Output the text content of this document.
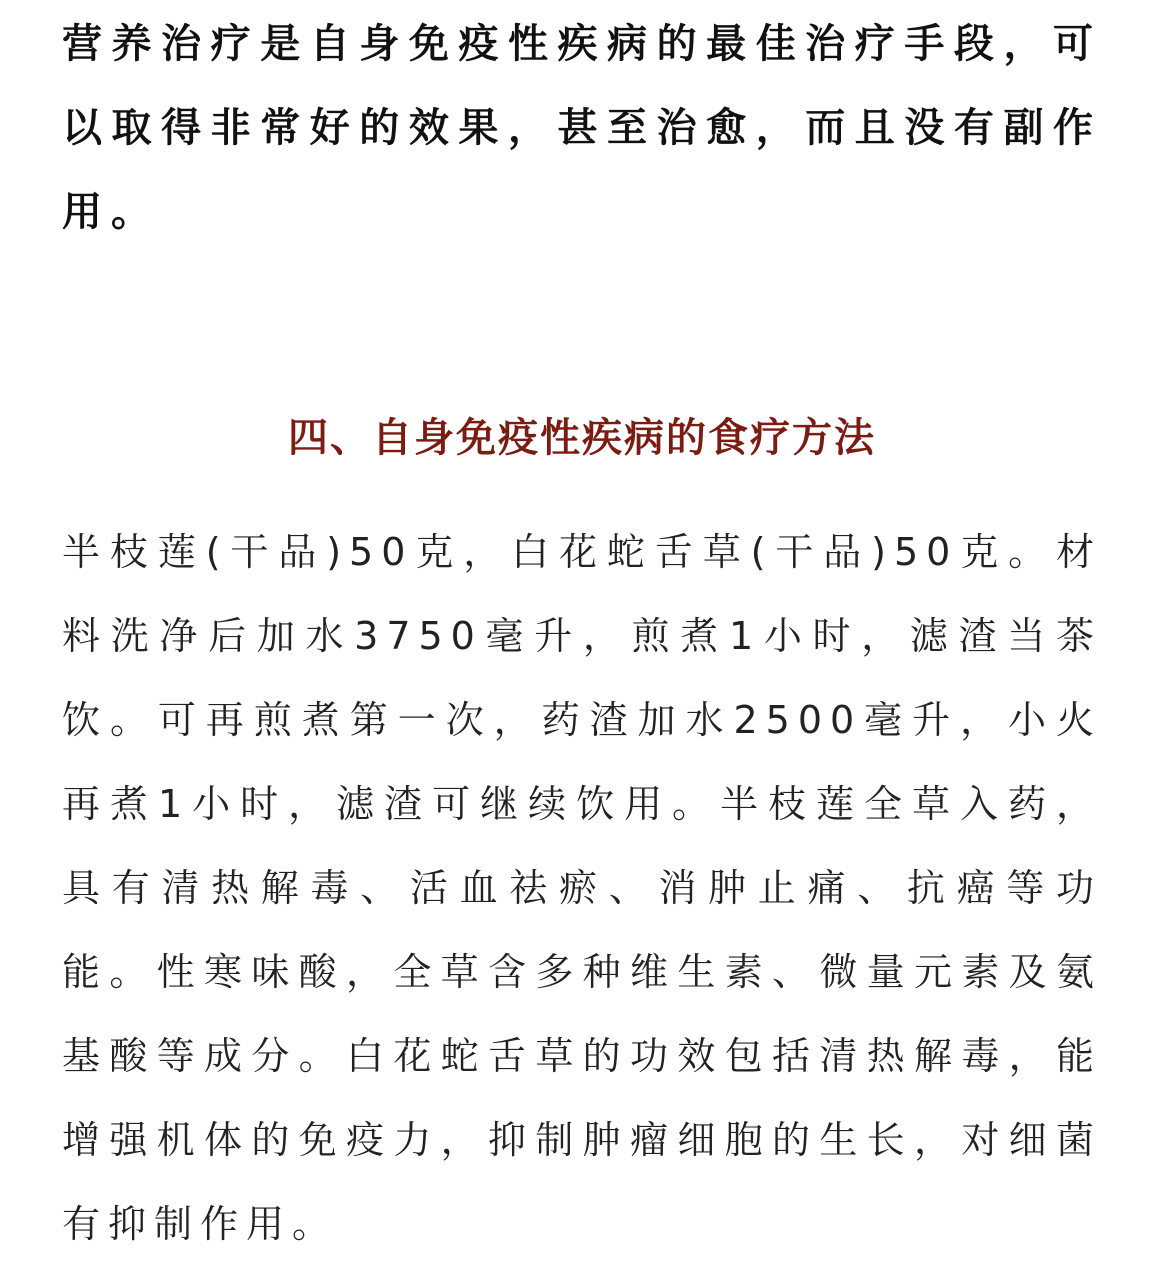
营养治疗是自身免疫性疾病的最佳治疗手段，可以取得非常好的效果，甚至治愈，而且没有副作用。

四、自身免疫性疾病的食疗方法

半枝莲(干品)50克，白花蛇舌草(干品)50克。材料洗净后加水3750毫升，煎煮1小时，滤渣当茶饮。可再煎煮第一次，药渣加水2500毫升，小火再煮1小时，滤渣可继续饮用。半枝莲全草入药，具有清热解毒、活血祛瘀、消肿止痛、抗癌等功能。性寒味酸，全草含多种维生素、微量元素及氨基酸等成分。白花蛇舌草的功效包括清热解毒，能增强机体的免疫力，抑制肿瘤细胞的生长，对细菌有抑制作用。
